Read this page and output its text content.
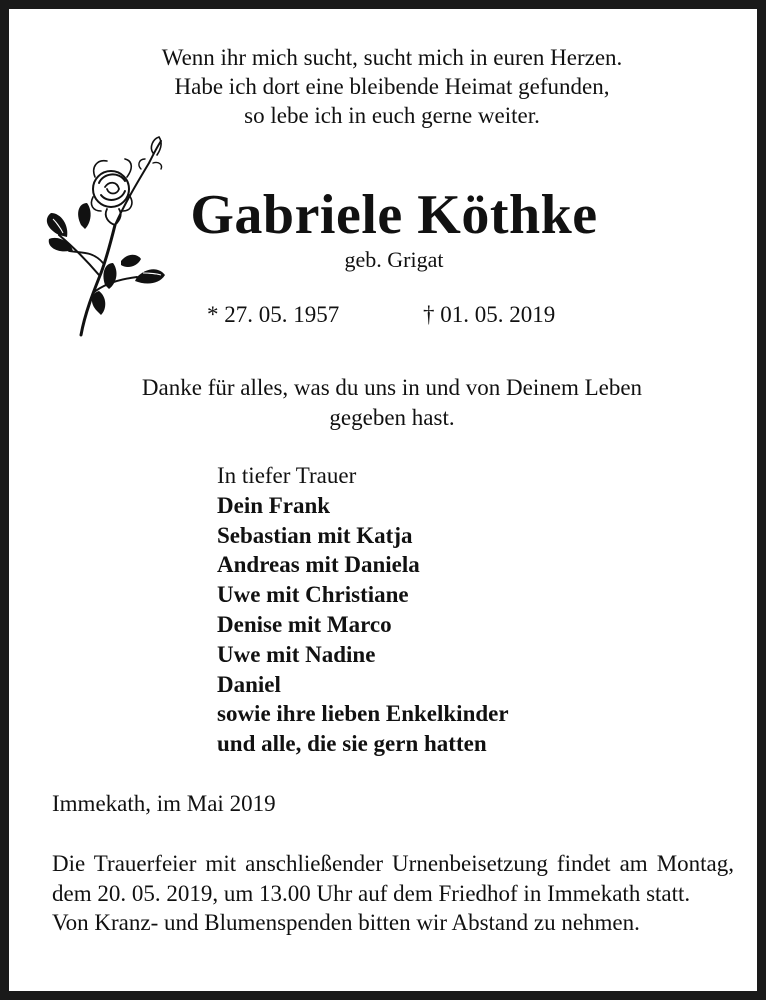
Wenn ihr mich sucht, sucht mich in euren Herzen.
Habe ich dort eine bleibende Heimat gefunden,
so lebe ich in euch gerne weiter.
Gabriele Köthke
geb. Grigat
* 27. 05. 1957	† 01. 05. 2019
Danke für alles, was du uns in und von Deinem Leben
gegeben hast.
In tiefer Trauer
Dein Frank
Sebastian mit Katja
Andreas mit Daniela
Uwe mit Christiane
Denise mit Marco
Uwe mit Nadine
Daniel
sowie ihre lieben Enkelkinder
und alle, die sie gern hatten
Immekath, im Mai 2019
Die Trauerfeier mit anschließender Urnenbeisetzung findet am Montag, dem 20. 05. 2019, um 13.00 Uhr auf dem Friedhof in Immekath statt.
Von Kranz- und Blumenspenden bitten wir Abstand zu nehmen.
